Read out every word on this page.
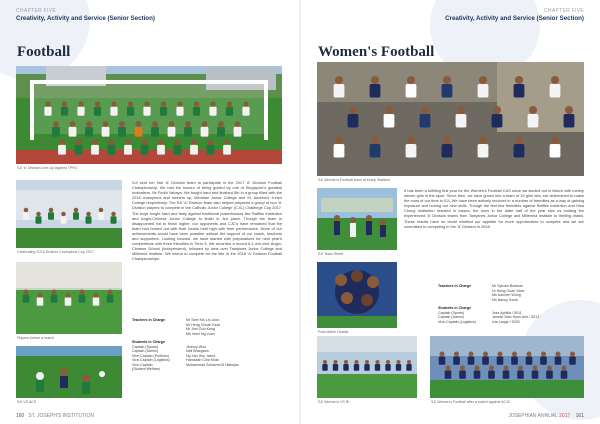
CHAPTER FIVE
Creativity, Activity and Service (Senior Section)
Football
SJI 'A' Division Line-Up Against TPHC
Celebrating SJI A Division Champions Cup 2017
Players before a match
SJI VS ACS
SJI sent her first 'A' Division team to participate in the 2017 'A' Division Football Championship. We had the honour of being guided by one of Singapore's greatest footballers, Mr Fadhl Yahaya. We fought hard and finished 5th in a group filled with the 2018 champions and runners up, Meridian Junior College and St. Andrew's Junior College respectively. The SJI 'A' Division team also helped prepared a group of non 'A' Division players to compete in the Catholic Junior College (CJC) Challenge Cup 2017. The boys fought hard and fairly against traditional powerhouses like Raffles Institution and Anglo-Chinese Junior College to finish in 3rd place. Though the team is disappointed not to finish higher, our opponents and CJC's have remarked that the team had bowed out with their heads held high with their performance. None of our achievements would have been possible without the support of our coach, teachers and supporters. Looking forward, we have started with preparations for next year's competitions with three friendlies in Term 5. We recorded a record 6-1 win over Anglo-Chinese School (Independent), followed by wins over Tampines Junior College and Millennia Institute. We intend to compete for the title in the 2018 'A' Division Football Championships.
Teachers in Charge	Mr Seet Kin Lin Joon
Mr Heng Chuan Keat
Mr Joel Goh Keng
Ms Verni Ng Yoon
Students in Charge
Captain (Sports)	Jeremy Woo
Captain (Admin)	Neil Bhargava
Vice-Captain (Portfolio)	Ng Yan Hsu Jared
Vice-Captain (Logistics)	Hamazah Chia Khan
Vice-Captain	Muhammad Zulhazmi B Halimjan
(Student Welfare)
160 ST. JOSEPH'S INSTITUTION
CHAPTER FIVE
Creativity, Activity and Service (Senior Section)
Women's Football
SJI Women's Football team at Kranji Stadium
SJI Team Sheet
It has been a fulfilling first year for the Women's Football CAS since we started out in March with merely eleven girls in the sport. Since then, we have grown into a team of 19 girls who are determined to make the most of our time in SJI. We have been actively involved in a number of friendlies as a way of gaining exposure and honing our new skills. Though the first few friendlies against Raffles Institution and Hwa Chong Institution resulted in losses, the ones in the latter half of the year saw us holding the experienced 'A' Division teams from Tampines Junior College and Millennia Institute to thrilling draws. These results have no doubt whetted our appetite for more opportunities to compete and we are committed to competing in the 'A' Division in 2018.
Post-Match Huddle
Teachers in Charge	Mr Sylvain Bulanan
Dr Heng Guan Xiear
Ms Karmen Wong
Ms Nancy Kwok
Students in Charge
Captain (Sports)	Jess Aphilla / 5011
Captain (Admin)	Janelle Wan Hyun Ann / 5013
Vice-Captain (Logistics)	Icia Lange / 5025
SJI Women's VS RI	SJI Women's Football after a match against ACJC
JOSEPHIAN ANNUAL 2017 161
